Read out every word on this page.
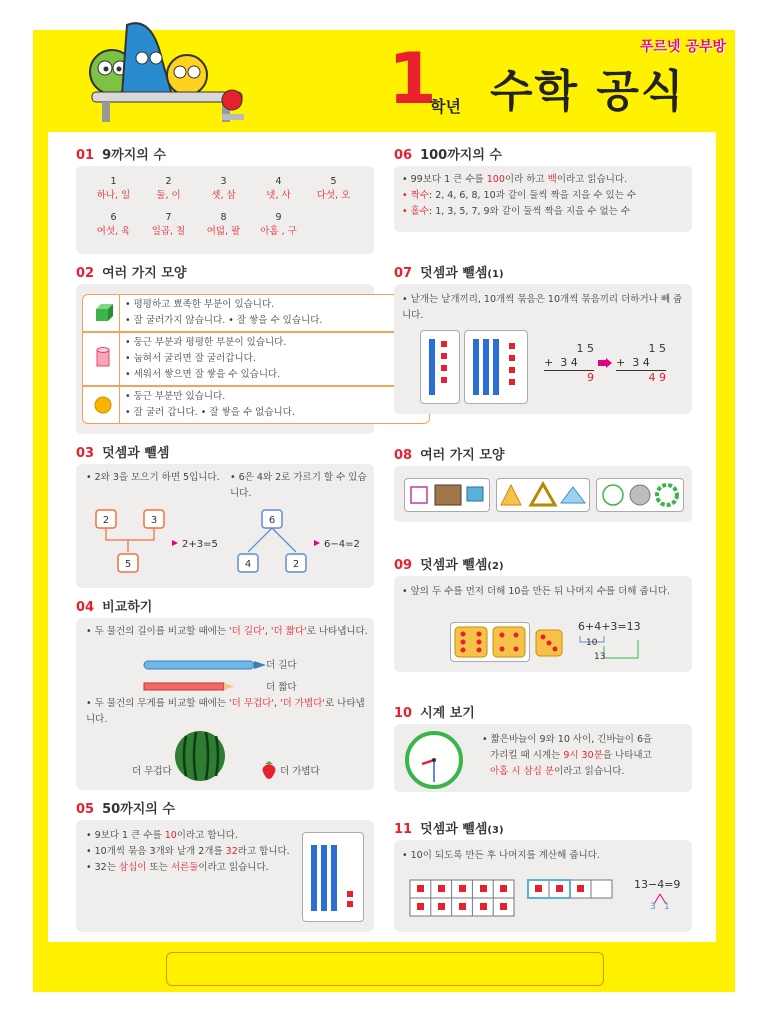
푸르넷 공부방
1
학년 수학 공식
01 9까지의 수
1
하나, 일
2
둘, 이
3
셋, 삼
4
넷, 사
5
다섯, 오
6
여섯, 육
7
일곱, 칠
8
여덟, 팔
9
아홉 , 구
02 여러 가지 모양
• 평평하고 뾰족한 부분이 있습니다.
• 잘 굴러가지 않습니다. • 잘 쌓을 수 있습니다.
• 둥근 부분과 평평한 부분이 있습니다.
• 눕혀서 굴리면 잘 굴러갑니다.
• 세워서 쌓으면 잘 쌓을 수 있습니다.
• 둥근 부분만 있습니다.
• 잘 굴러 갑니다. • 잘 쌓을 수 없습니다.
03 덧셈과 뺄셈
• 2와 3을 모으기 하면 5입니다.	• 6은 4와 2로 가르기 할 수 있습니다.
2	3
5
2+3=5
6
4	2
6−4=2
04 비교하기
• 두 물건의 길이를 비교할 때에는 '더 길다', '더 짧다'로 나타냅니다.
더 길다
더 짧다
• 두 물건의 무게를 비교할 때에는 '더 무겁다', '더 가볍다'로 나타냅니다.
더 무겁다	더 가볍다
05 50까지의 수
• 9보다 1 큰 수를 10이라고 합니다.
• 10개씩 묶음 3개와 낱개 2개를 32라고 합니다.
• 32는 삼십이 또는 서른둘이라고 읽습니다.
06 100까지의 수
• 99보다 1 큰 수를 100이라 하고 백이라고 읽습니다.
• 짝수: 2, 4, 6, 8, 10과 같이 둘씩 짝을 지을 수 있는 수
• 홀수: 1, 3, 5, 7, 9와 같이 둘씩 짝을 지을 수 없는 수
07 덧셈과 뺄셈(1)
• 낱개는 낱개끼리, 10개씩 묶음은 10개씩 묶음끼리 더하거나 빼 줍니다.
1 5
+ 3 4
9
1 5
+ 3 4
4 9
08 여러 가지 모양
09 덧셈과 뺄셈(2)
• 앞의 두 수를 먼저 더해 10을 만든 뒤 나머지 수를 더해 줍니다.
6+4+3=13
10
13
10 시계 보기
• 짧은바늘이 9와 10 사이, 긴바늘이 6을
가리킬 때 시계는 9시 30분을 나타내고
아홉 시 삼십 분이라고 읽습니다.
11 덧셈과 뺄셈(3)
• 10이 되도록 만든 후 나머지를 계산해 줍니다.
13−4=9
3 1
